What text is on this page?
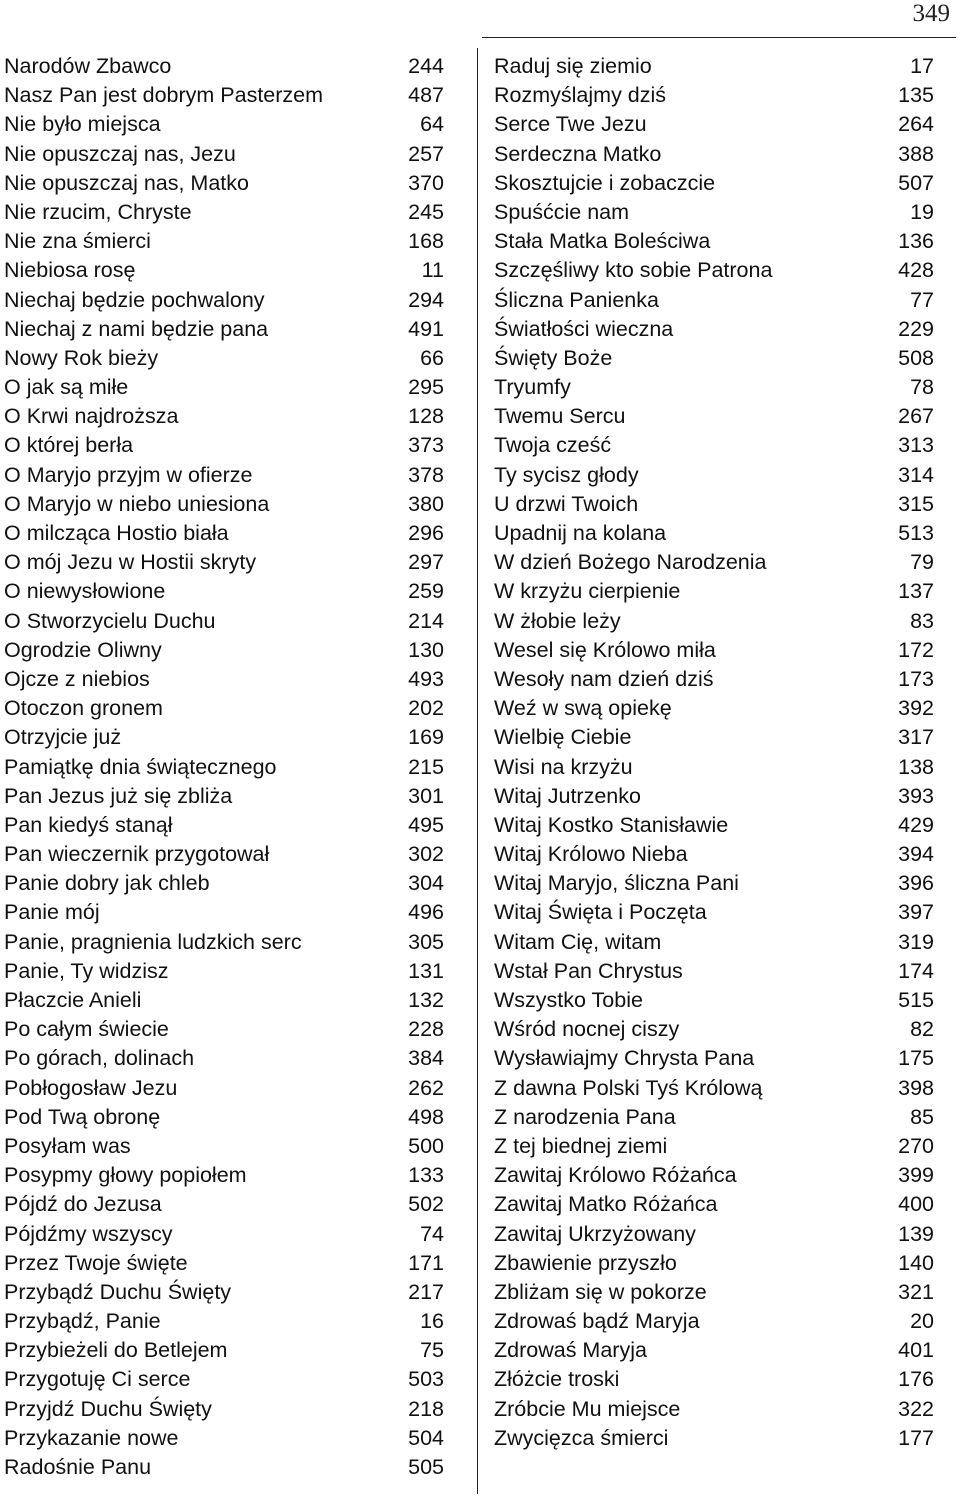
349
Narodów Zbawco	244
Nasz Pan jest dobrym Pasterzem	487
Nie było miejsca	64
Nie opuszczaj nas, Jezu	257
Nie opuszczaj nas, Matko	370
Nie rzucim, Chryste	245
Nie zna śmierci	168
Niebiosa rosę	11
Niechaj będzie pochwalony	294
Niechaj z nami będzie pana	491
Nowy Rok bieży	66
O jak są miłe	295
O Krwi najdroższa	128
O której berła	373
O Maryjo przyjm w ofierze	378
O Maryjo w niebo uniesiona	380
O milcząca Hostio biała	296
O mój Jezu w Hostii skryty	297
O niewysłowione	259
O Stworzycielu Duchu	214
Ogrodzie Oliwny	130
Ojcze z niebios	493
Otoczon gronem	202
Otrzyjcie już	169
Pamiątkę dnia świątecznego	215
Pan Jezus już się zbliża	301
Pan kiedyś stanął	495
Pan wieczernik przygotował	302
Panie dobry jak chleb	304
Panie mój	496
Panie, pragnienia ludzkich serc	305
Panie, Ty widzisz	131
Płaczcie Anieli	132
Po całym świecie	228
Po górach, dolinach	384
Pobłogosław Jezu	262
Pod Twą obronę	498
Posyłam was	500
Posypmy głowy popiołem	133
Pójdź do Jezusa	502
Pójdźmy wszyscy	74
Przez Twoje święte	171
Przybądź Duchu Święty	217
Przybądź, Panie	16
Przybieżeli do Betlejem	75
Przygotuję Ci serce	503
Przyjdź Duchu Święty	218
Przykazanie nowe	504
Radośnie Panu	505
Raduj się ziemio	17
Rozmyślajmy dziś	135
Serce Twe Jezu	264
Serdeczna Matko	388
Skosztujcie i zobaczcie	507
Spuśćcie nam	19
Stała Matka Boleściwa	136
Szczęśliwy kto sobie Patrona	428
Śliczna Panienka	77
Światłości wieczna	229
Święty Boże	508
Tryumfy	78
Twemu Sercu	267
Twoja cześć	313
Ty sycisz głody	314
U drzwi Twoich	315
Upadnij na kolana	513
W dzień Bożego Narodzenia	79
W krzyżu cierpienie	137
W żłobie leży	83
Wesel się Królowo miła	172
Wesoły nam dzień dziś	173
Weź w swą opiekę	392
Wielbię Ciebie	317
Wisi na krzyżu	138
Witaj Jutrzenko	393
Witaj Kostko Stanisławie	429
Witaj Królowo Nieba	394
Witaj Maryjo, śliczna Pani	396
Witaj Święta i Poczęta	397
Witam Cię, witam	319
Wstał Pan Chrystus	174
Wszystko Tobie	515
Wśród nocnej ciszy	82
Wysławiajmy Chrysta Pana	175
Z dawna Polski Tyś Królową	398
Z narodzenia Pana	85
Z tej biednej ziemi	270
Zawitaj Królowo Różańca	399
Zawitaj Matko Różańca	400
Zawitaj Ukrzyżowany	139
Zbawienie przyszło	140
Zbliżam się w pokorze	321
Zdrowaś bądź Maryja	20
Zdrowaś Maryja	401
Złóżcie troski	176
Zróbcie Mu miejsce	322
Zwycięzca śmierci	177
